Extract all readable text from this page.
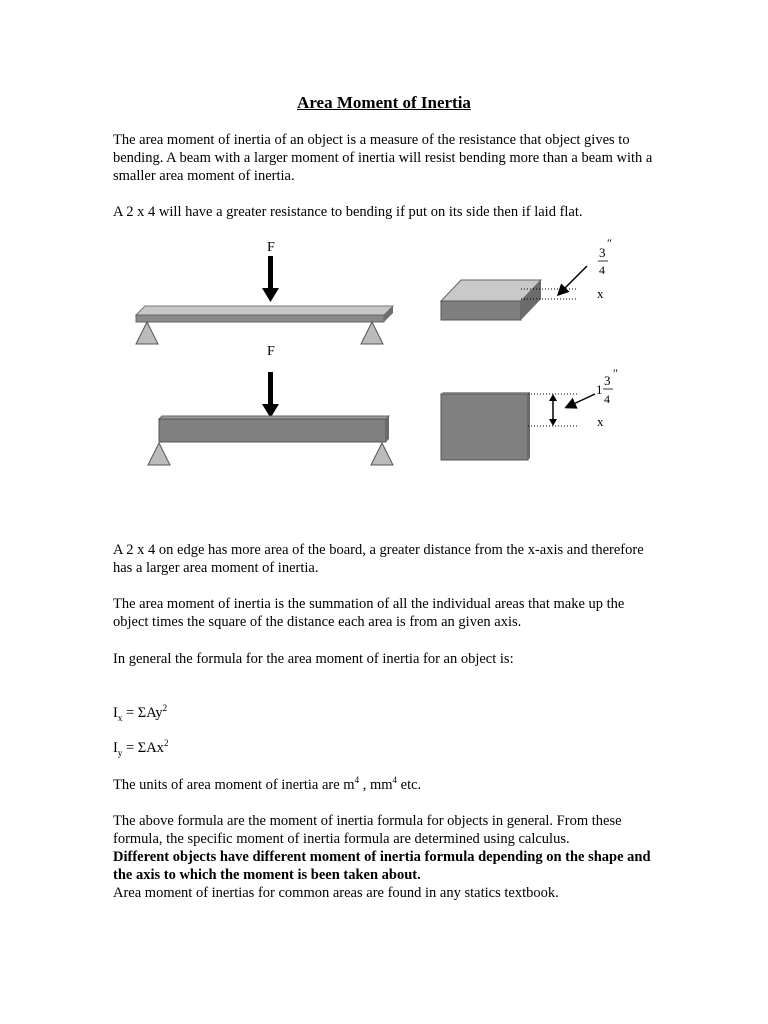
Area Moment of Inertia

The area moment of inertia of an object is a measure of the resistance that object gives to bending. A beam with a larger moment of inertia will resist bending more than a beam with a smaller area moment of inertia.

A 2 x 4 will have a greater resistance to bending if put on its side then if laid flat.

F	3
4
″
x
F
1
3
4
″
x

A 2 x 4 on edge has more area of the board, a greater distance from the x-axis and therefore has a larger area moment of inertia.

The area moment of inertia is the summation of all the individual areas that make up the object times the square of the distance each area is from an given axis.

In general the formula for the area moment of inertia for an object is:

$I_x = \Sigma Ay^2$

$I_y = \Sigma Ax^2$

The units of area moment of inertia are $m^4$ , $mm^4$ etc.

The above formula are the moment of inertia formula for objects in general. From these formula, the specific moment of inertia formula are determined using calculus.
Different objects have different moment of inertia formula depending on the shape and the axis to which the moment is been taken about.
Area moment of inertias for common areas are found in any statics textbook.
